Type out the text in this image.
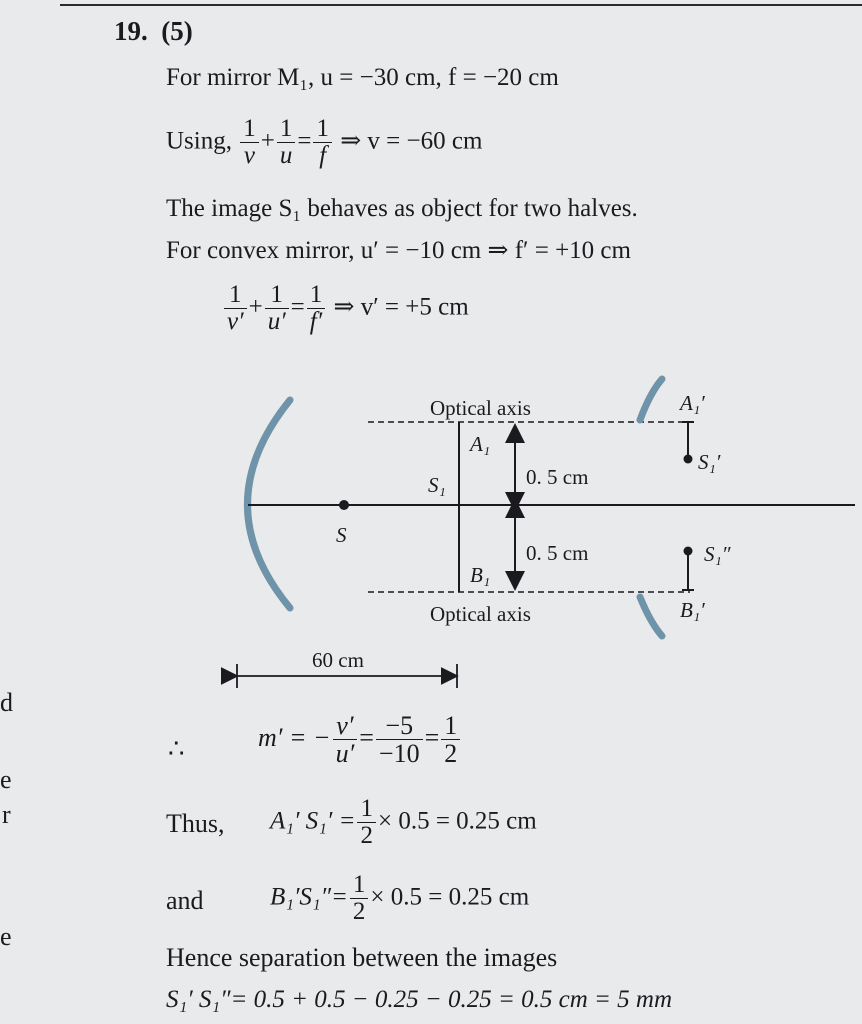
19. (5)
For mirror M₁, u = −30 cm, f = −20 cm
Using, $\frac{1}{v} + \frac{1}{u} = \frac{1}{f}$ ⇒ v = −60 cm
The image S₁ behaves as object for two halves.
For convex mirror, u′ = −10 cm ⇒ f′ = +10 cm
$\frac{1}{v'} + \frac{1}{u'} = \frac{1}{f'}$ ⇒ v′ = +5 cm
Optical axis
Optical axis
A₁
B₁
S₁
S
0. 5 cm
0. 5 cm
A₁′
B₁′
S₁′
S₁″
60 cm
∴	m′ = − $\frac{v'}{u'} = \frac{-5}{-10} = \frac{1}{2}$
Thus, A₁′ $S_1' = \frac{1}{2} \times 0.5 = 0.25$ cm
and	$B_1'S_1''= \frac{1}{2} \times 0.5 = 0.25$ cm
Hence separation between the images
S₁′ S₁″= 0.5 + 0.5 − 0.25 − 0.25 = 0.5 cm = 5 mm
d
e
r
e
